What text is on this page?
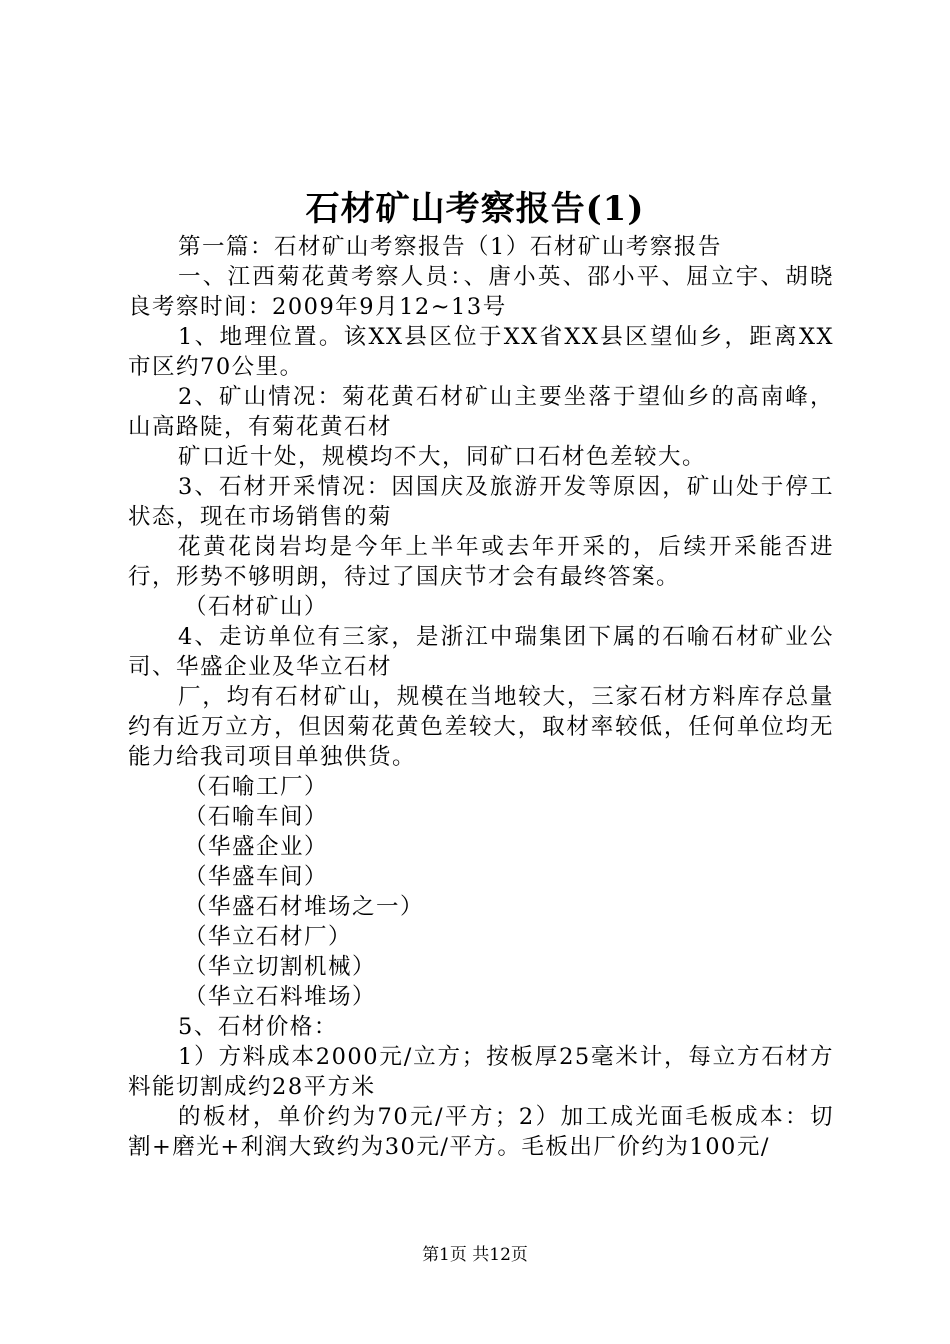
石材矿山考察报告(1)

第一篇：石材矿山考察报告（1）石材矿山考察报告

一、江西菊花黄考察人员：、唐小英、邵小平、屈立宇、胡晓良考察时间：2009年9月12~13号

1、地理位置。该XX县区位于XX省XX县区望仙乡，距离XX市区约70公里。

2、矿山情况：菊花黄石材矿山主要坐落于望仙乡的高南峰，山高路陡，有菊花黄石材

矿口近十处，规模均不大，同矿口石材色差较大。

3、石材开采情况：因国庆及旅游开发等原因，矿山处于停工状态，现在市场销售的菊

花黄花岗岩均是今年上半年或去年开采的，后续开采能否进行，形势不够明朗，待过了国庆节才会有最终答案。

（石材矿山）

4、走访单位有三家，是浙江中瑞集团下属的石喻石材矿业公司、华盛企业及华立石材

厂，均有石材矿山，规模在当地较大，三家石材方料库存总量约有近万立方，但因菊花黄色差较大，取材率较低，任何单位均无能力给我司项目单独供货。

（石喻工厂）

（石喻车间）

（华盛企业）

（华盛车间）

（华盛石材堆场之一）

（华立石材厂）

（华立切割机械）

（华立石料堆场）

5、石材价格：

1）方料成本2000元/立方；按板厚25毫米计，每立方石材方料能切割成约28平方米

的板材，单价约为70元/平方；2）加工成光面毛板成本：切割+磨光+利润大致约为30元/平方。毛板出厂价约为100元/

第1页 共12页
